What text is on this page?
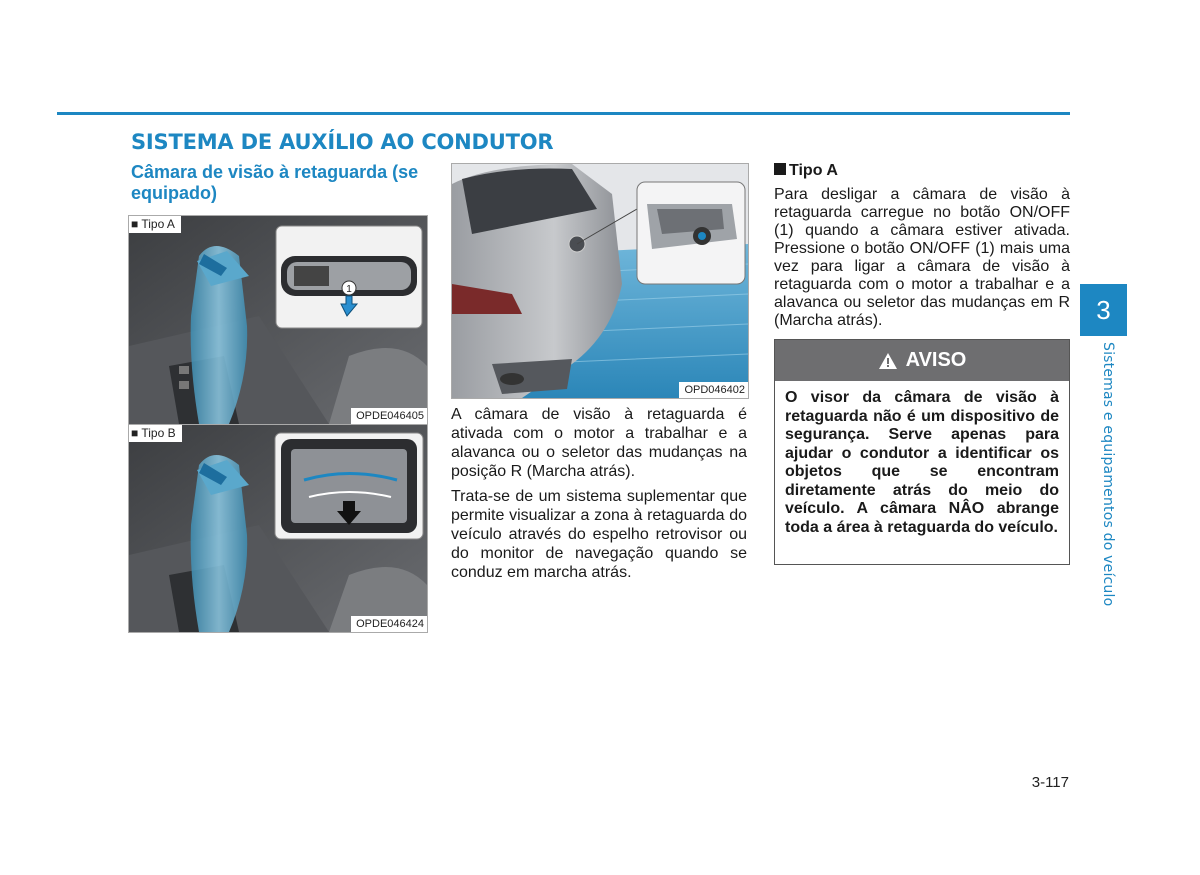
SISTEMA DE AUXÍLIO AO CONDUTOR
Câmara de visão à retaguarda (se equipado)
1
■ Tipo A
OPDE046405
■ Tipo B
OPDE046424
OPD046402

A câmara de visão à retaguarda é ativada com o motor a trabalhar e a alavanca ou o seletor das mudanças na posição R (Marcha atrás).

Trata-se de um sistema suplementar que permite visualizar a zona à retaguarda do veículo através do espelho retrovisor ou do monitor de navegação quando se conduz em marcha atrás.

Tipo A

Para desligar a câmara de visão à retaguarda carregue no botão ON/OFF (1) quando a câmara estiver ativada. Pressione o botão ON/OFF (1) mais uma vez para ligar a câmara de visão à retaguarda com o motor a trabalhar e a alavanca ou seletor das mudanças em R (Marcha atrás).

AVISO

O visor da câmara de visão à retaguarda não é um dispositivo de segurança. Serve apenas para ajudar o condutor a identificar os objetos que se encontram diretamente atrás do meio do veículo. A câmara NÂO abrange toda a área à retaguarda do veículo.

3
Sistemas e equipamentos do veículo
3-117
